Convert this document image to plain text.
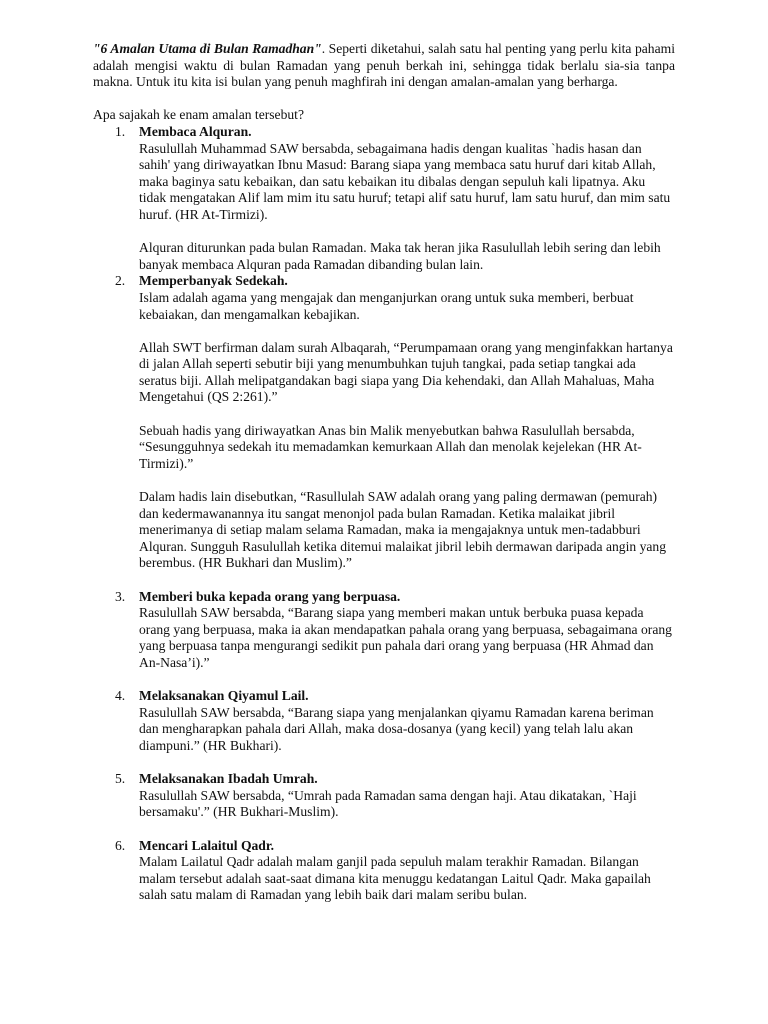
"6 Amalan Utama di Bulan Ramadhan". Seperti diketahui, salah satu hal penting yang perlu kita pahami adalah mengisi waktu di bulan Ramadan yang penuh berkah ini, sehingga tidak berlalu sia-sia tanpa makna. Untuk itu kita isi bulan yang penuh maghfirah ini dengan amalan-amalan yang berharga.

Apa sajakah ke enam amalan tersebut?

1. Membaca Alquran.

Rasulullah Muhammad SAW bersabda, sebagaimana hadis dengan kualitas `hadis hasan dan sahih' yang diriwayatkan Ibnu Masud: Barang siapa yang membaca satu huruf dari kitab Allah, maka baginya satu kebaikan, dan satu kebaikan itu dibalas dengan sepuluh kali lipatnya. Aku tidak mengatakan Alif lam mim itu satu huruf; tetapi alif satu huruf, lam satu huruf, dan mim satu huruf. (HR At-Tirmizi).

Alquran diturunkan pada bulan Ramadan. Maka tak heran jika Rasulullah lebih sering dan lebih banyak membaca Alquran pada Ramadan dibanding bulan lain.

2. Memperbanyak Sedekah.

Islam adalah agama yang mengajak dan menganjurkan orang untuk suka memberi, berbuat kebaiakan, dan mengamalkan kebajikan.

Allah SWT berfirman dalam surah Albaqarah, “Perumpamaan orang yang menginfakkan hartanya di jalan Allah seperti sebutir biji yang menumbuhkan tujuh tangkai, pada setiap tangkai ada seratus biji. Allah melipatgandakan bagi siapa yang Dia kehendaki, dan Allah Mahaluas, Maha Mengetahui (QS 2:261).”

Sebuah hadis yang diriwayatkan Anas bin Malik menyebutkan bahwa Rasulullah bersabda, “Sesungguhnya sedekah itu memadamkan kemurkaan Allah dan menolak kejelekan (HR At-Tirmizi).”

Dalam hadis lain disebutkan, “Rasullulah SAW adalah orang yang paling dermawan (pemurah) dan kedermawanannya itu sangat menonjol pada bulan Ramadan. Ketika malaikat jibril menerimanya di setiap malam selama Ramadan, maka ia mengajaknya untuk men-tadabburi Alquran. Sungguh Rasulullah ketika ditemui malaikat jibril lebih dermawan daripada angin yang berembus. (HR Bukhari dan Muslim).”

3. Memberi buka kepada orang yang berpuasa.

Rasulullah SAW bersabda, “Barang siapa yang memberi makan untuk berbuka puasa kepada orang yang berpuasa, maka ia akan mendapatkan pahala orang yang berpuasa, sebagaimana orang yang berpuasa tanpa mengurangi sedikit pun pahala dari orang yang berpuasa (HR Ahmad dan An-Nasa’i).”

4. Melaksanakan Qiyamul Lail.

Rasulullah SAW bersabda, “Barang siapa yang menjalankan qiyamu Ramadan karena beriman dan mengharapkan pahala dari Allah, maka dosa-dosanya (yang kecil) yang telah lalu akan diampuni.” (HR Bukhari).

5. Melaksanakan Ibadah Umrah.

Rasulullah SAW bersabda, “Umrah pada Ramadan sama dengan haji. Atau dikatakan, `Haji bersamaku'.” (HR Bukhari-Muslim).

6. Mencari Lalaitul Qadr.

Malam Lailatul Qadr adalah malam ganjil pada sepuluh malam terakhir Ramadan. Bilangan malam tersebut adalah saat-saat dimana kita menuggu kedatangan Laitul Qadr. Maka gapailah salah satu malam di Ramadan yang lebih baik dari malam seribu bulan.
